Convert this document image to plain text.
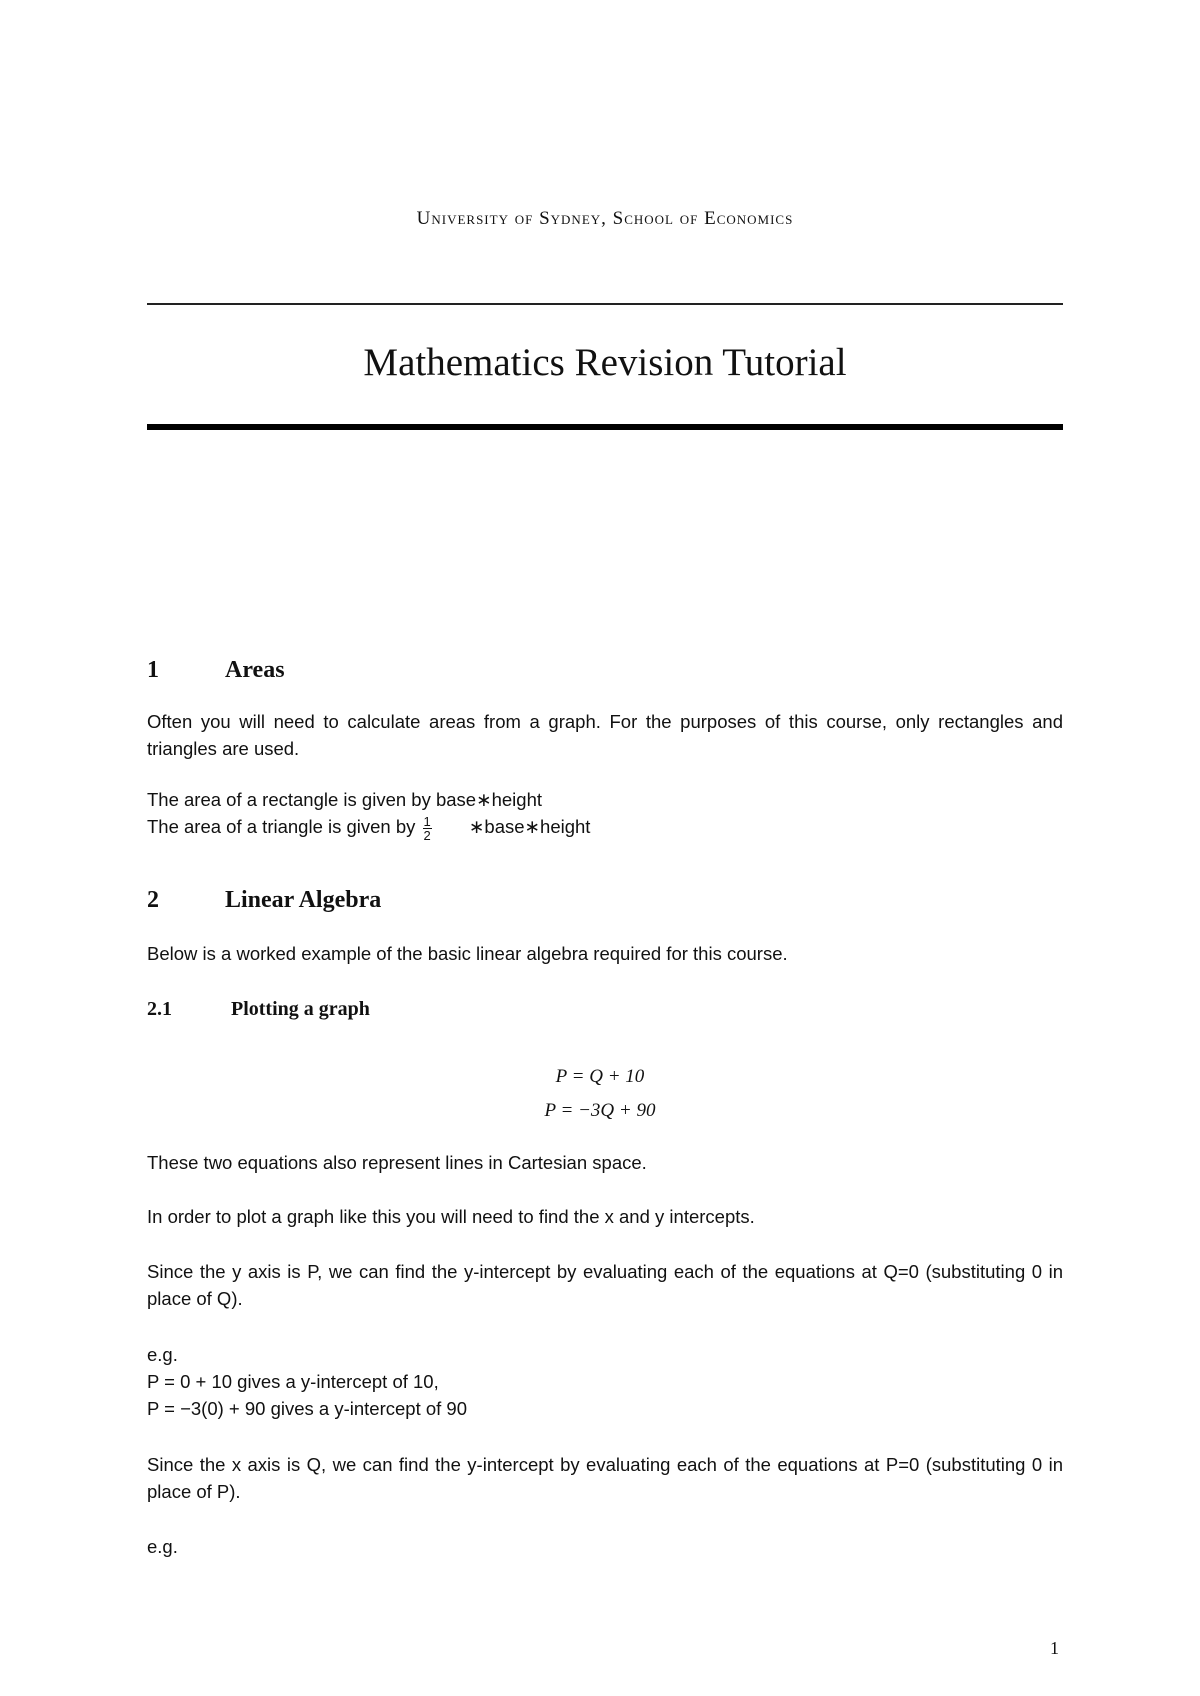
University of Sydney, School of Economics
Mathematics Revision Tutorial
1	Areas
Often you will need to calculate areas from a graph. For the purposes of this course, only rectangles and triangles are used.
The area of a rectangle is given by base∗height
The area of a triangle is given by $\frac{1}{2}$ ∗base∗height
2	Linear Algebra
Below is a worked example of the basic linear algebra required for this course.
2.1	Plotting a graph
P = Q + 10
P = −3Q + 90
These two equations also represent lines in Cartesian space.
In order to plot a graph like this you will need to find the x and y intercepts.
Since the y axis is P, we can find the y-intercept by evaluating each of the equations at Q=0 (substituting 0 in place of Q).
e.g.
P = 0 + 10 gives a y-intercept of 10,
P = −3(0) + 90 gives a y-intercept of 90
Since the x axis is Q, we can find the y-intercept by evaluating each of the equations at P=0 (substituting 0 in place of P).
e.g.
1
